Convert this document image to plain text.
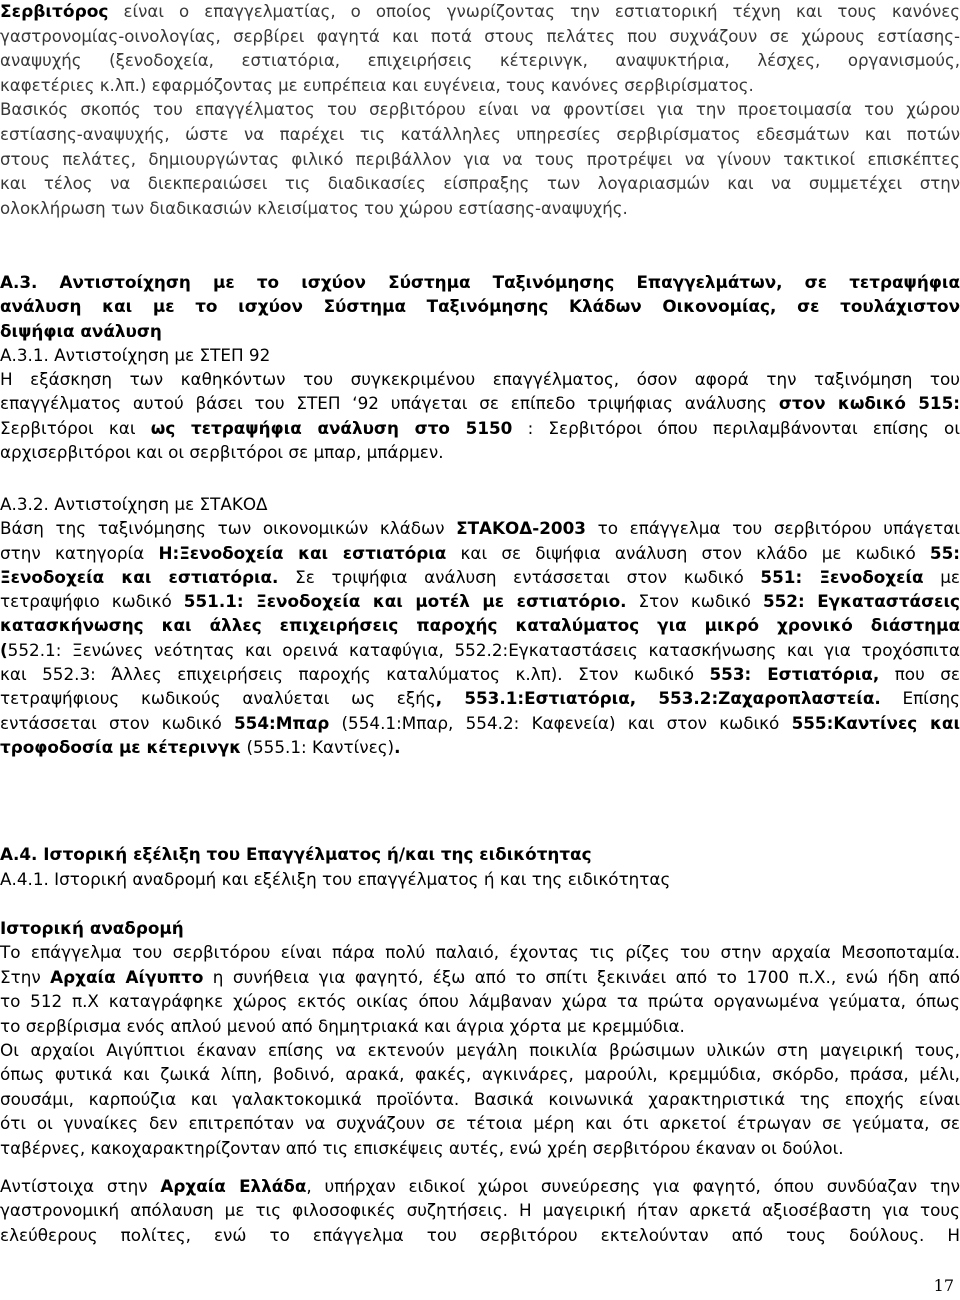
Σερβιτόρος είναι ο επαγγελματίας, ο οποίος γνωρίζοντας την εστιατορική τέχνη και τους κανόνες

γαστρονομίας-οινολογίας, σερβίρει φαγητά και ποτά στους πελάτες που συχνάζουν σε χώρους εστίασης-

αναψυχής (ξενοδοχεία, εστιατόρια, επιχειρήσεις κέτερινγκ, αναψυκτήρια, λέσχες, οργανισμούς,

καφετέριες κ.λπ.) εφαρμόζοντας με ευπρέπεια και ευγένεια, τους κανόνες σερβιρίσματος.

Βασικός σκοπός του επαγγέλματος του σερβιτόρου είναι να φροντίσει για την προετοιμασία του χώρου

εστίασης-αναψυχής, ώστε να παρέχει τις κατάλληλες υπηρεσίες σερβιρίσματος εδεσμάτων και ποτών

στους πελάτες, δημιουργώντας φιλικό περιβάλλον για να τους προτρέψει να γίνουν τακτικοί επισκέπτες

και τέλος να διεκπεραιώσει τις διαδικασίες είσπραξης των λογαριασμών και να συμμετέχει στην

ολοκλήρωση των διαδικασιών κλεισίματος του χώρου εστίασης-αναψυχής.

Α.3. Αντιστοίχηση με το ισχύον Σύστημα Ταξινόμησης Επαγγελμάτων, σε τετραψήφια
ανάλυση και με το ισχύον Σύστημα Ταξινόμησης Κλάδων Οικονομίας, σε τουλάχιστον
διψήφια ανάλυση

Α.3.1. Αντιστοίχηση με ΣΤΕΠ 92

Η εξάσκηση των καθηκόντων του συγκεκριμένου επαγγέλματος, όσον αφορά την ταξινόμηση του

επαγγέλματος αυτού βάσει του ΣΤΕΠ ‘92 υπάγεται σε επίπεδο τριψήφιας ανάλυσης στον κωδικό 515:

Σερβιτόροι και ως τετραψήφια ανάλυση στο 5150 : Σερβιτόροι όπου περιλαμβάνονται επίσης οι

αρχισερβιτόροι και οι σερβιτόροι σε μπαρ, μπάρμεν.

Α.3.2. Αντιστοίχηση με ΣΤΑΚΟΔ

Βάση της ταξινόμησης των οικονομικών κλάδων ΣΤΑΚΟΔ-2003 το επάγγελμα του σερβιτόρου υπάγεται

στην κατηγορία Η:Ξενοδοχεία και εστιατόρια και σε διψήφια ανάλυση στον κλάδο με κωδικό 55:

Ξενοδοχεία και εστιατόρια. Σε τριψήφια ανάλυση εντάσσεται στον κωδικό 551: Ξενοδοχεία με

τετραψήφιο κωδικό 551.1: Ξενοδοχεία και μοτέλ με εστιατόριο. Στον κωδικό 552: Εγκαταστάσεις

κατασκήνωσης και άλλες επιχειρήσεις παροχής καταλύματος για μικρό χρονικό διάστημα

(552.1: Ξενώνες νεότητας και ορεινά καταφύγια, 552.2:Εγκαταστάσεις κατασκήνωσης και για τροχόσπιτα

και 552.3: Άλλες επιχειρήσεις παροχής καταλύματος κ.λπ). Στον κωδικό 553: Εστιατόρια, που σε

τετραψήφιους κωδικούς αναλύεται ως εξής, 553.1:Εστιατόρια, 553.2:Ζαχαροπλαστεία. Επίσης

εντάσσεται στον κωδικό 554:Μπαρ (554.1:Μπαρ, 554.2: Καφενεία) και στον κωδικό 555:Καντίνες και

τροφοδοσία με κέτερινγκ (555.1: Καντίνες).

Α.4. Ιστορική εξέλιξη του Επαγγέλματος ή/και της ειδικότητας

Α.4.1. Ιστορική αναδρομή και εξέλιξη του επαγγέλματος ή και της ειδικότητας

Ιστορική αναδρομή

Το επάγγελμα του σερβιτόρου είναι πάρα πολύ παλαιό, έχοντας τις ρίζες του στην αρχαία Μεσοποταμία.

Στην Αρχαία Αίγυπτο η συνήθεια για φαγητό, έξω από το σπίτι ξεκινάει από το 1700 π.Χ., ενώ ήδη από

το 512 π.Χ καταγράφηκε χώρος εκτός οικίας όπου λάμβαναν χώρα τα πρώτα οργανωμένα γεύματα, όπως

το σερβίρισμα ενός απλού μενού από δημητριακά και άγρια χόρτα με κρεμμύδια.

Οι αρχαίοι Αιγύπτιοι έκαναν επίσης να εκτενούν μεγάλη ποικιλία βρώσιμων υλικών στη μαγειρική τους,

όπως φυτικά και ζωικά λίπη, βοδινό, αρακά, φακές, αγκινάρες, μαρούλι, κρεμμύδια, σκόρδο, πράσα, μέλι,

σουσάμι, καρπούζια και γαλακτοκομικά προϊόντα. Βασικά κοινωνικά χαρακτηριστικά της εποχής είναι

ότι οι γυναίκες δεν επιτρεπόταν να συχνάζουν σε τέτοια μέρη και ότι αρκετοί έτρωγαν σε γεύματα, σε

ταβέρνες, κακοχαρακτηρίζονταν από τις επισκέψεις αυτές, ενώ χρέη σερβιτόρου έκαναν οι δούλοι.

Αντίστοιχα στην Αρχαία Ελλάδα, υπήρχαν ειδικοί χώροι συνεύρεσης για φαγητό, όπου συνδύαζαν την

γαστρονομική απόλαυση με τις φιλοσοφικές συζητήσεις. Η μαγειρική ήταν αρκετά αξιοσέβαστη για τους

ελεύθερους πολίτες, ενώ το επάγγελμα του σερβιτόρου εκτελούνταν από τους δούλους. Η

17
